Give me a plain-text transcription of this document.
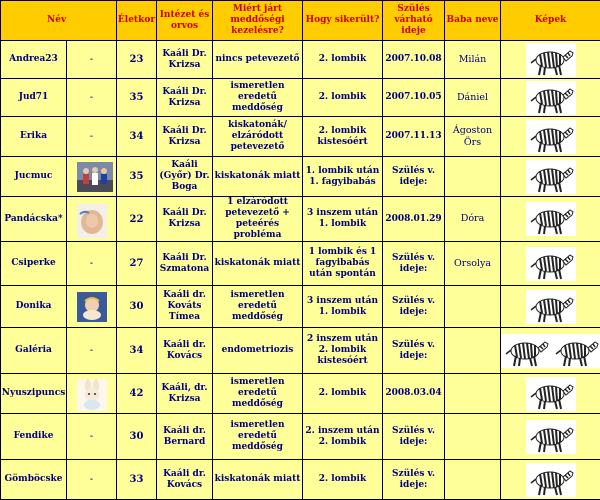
Név		Életkor	Intézet és orvos	Miért járt meddőségi kezelésre?	Hogy sikerült?	Szülés várható ideje	Baba neve	Képek
Andrea23	-	23	Kaáli Dr. Krizsa	nincs petevezető	2. lombik	2007.10.08	Milán	

Jud71	-	35	Kaáli Dr. Krizsa	ismeretlen eredetű meddőség	2. lombik	2007.10.05	Dániel	

Erika	-	34	Kaáli Dr. Krizsa	kiskatonák/ elzáródott petevezető	2. lombik kistesóért	2007.11.13	Ágoston Örs	

Jucmuc		35	Kaáli (Győr) Dr. Boga	kiskatonák miatt	1. lombik után 1. fagyibabás	Szülés v. ideje:		

Pandácska*		22	Kaáli Dr. Krizsa	1 elzáródott petevezető + peteérés probléma	3 inszem után 1. lombik	2008.01.29	Dóra	

Csiperke	-	27	Kaáli Dr. Szmatona	kiskatonák miatt	1 lombik és 1 fagyibabás után spontán	Szülés v. ideje:	Orsolya	

Donika		30	Kaáli dr. Kováts Tímea	ismeretlen eredetű meddőség	3 inszem után 1. lombik	Szülés v. ideje:		

Galéria	-	34	Kaáli dr. Kovács	endometriozis	2 inszem után 2. lombik kistesóért	Szülés v. ideje:		

Nyuszipuncs		42	Kaáli, dr. Krizsa	ismeretlen eredetű meddőség	2. lombik	2008.03.04		

Fendike	-	30	Kaáli dr. Bernard	ismeretlen eredetű meddőség	2. inszem után 2. lombik	Szülés v. ideje:		

Gömböcske	-	33	Kaáli dr. Kovács	kiskatonák miatt	2. lombik	Szülés v. ideje:		
